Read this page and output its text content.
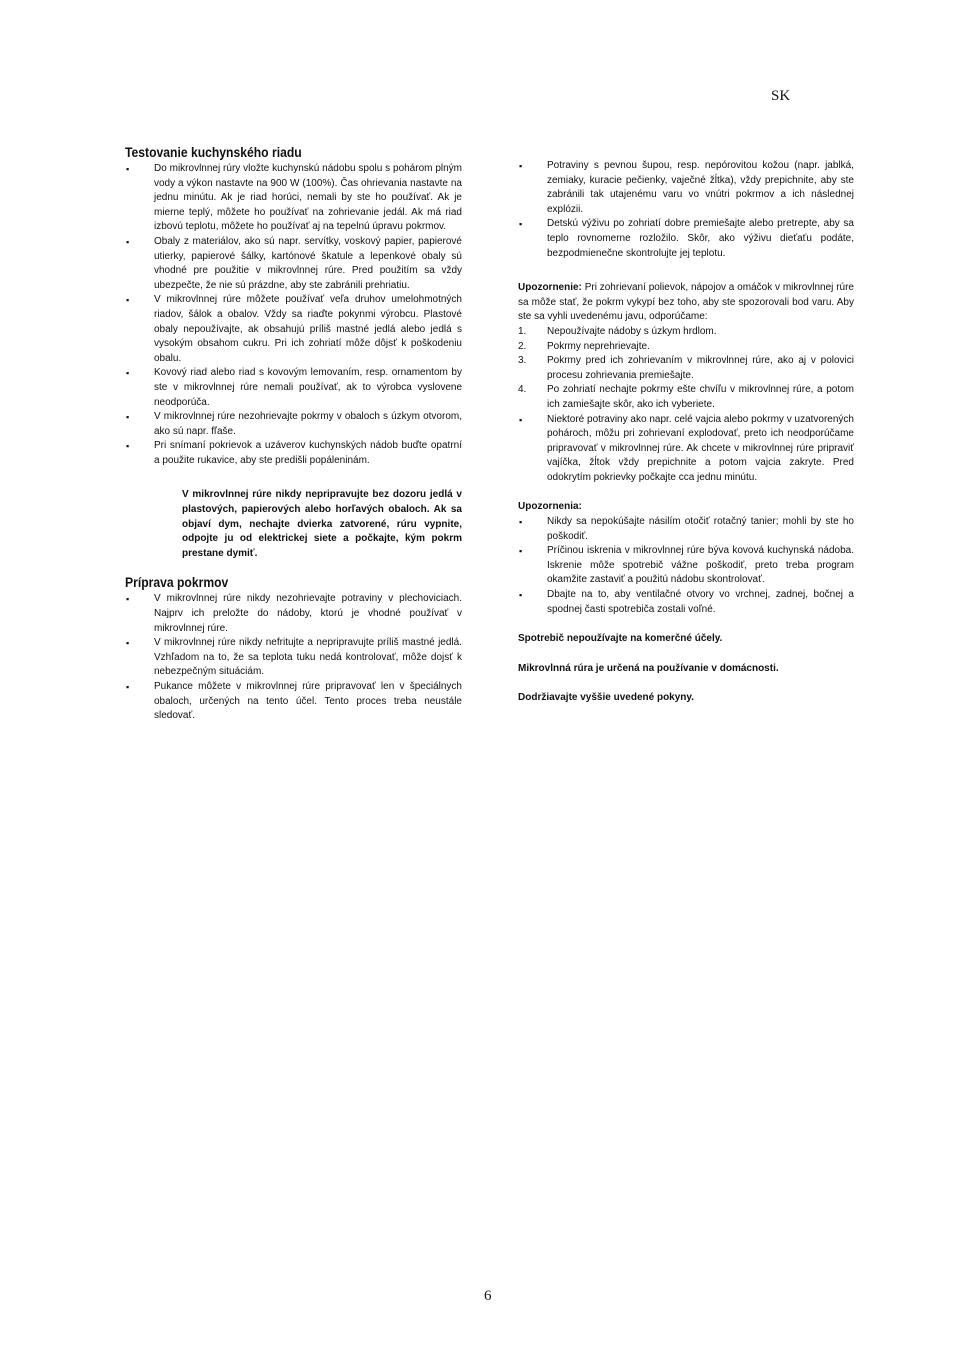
SK
Testovanie kuchynského riadu
▪ Do mikrovlnnej rúry vložte kuchynskú nádobu spolu s pohárom plným vody a výkon nastavte na 900 W (100%). Čas ohrievania nastavte na jednu minútu. Ak je riad horúci, nemali by ste ho používať. Ak je mierne teplý, môžete ho používať na zohrievanie jedál. Ak má riad izbovú teplotu, môžete ho používať aj na tepelnú úpravu pokrmov.
▪ Obaly z materiálov, ako sú napr. servítky, voskový papier, papierové utierky, papierové šálky, kartónové škatule a lepenkové obaly sú vhodné pre použitie v mikrovlnnej rúre. Pred použitím sa vždy ubezpečte, že nie sú prázdne, aby ste zabránili prehriatiu.
▪ V mikrovlnnej rúre môžete používať veľa druhov umelohmotných riadov, šálok a obalov. Vždy sa riaďte pokynmi výrobcu. Plastové obaly nepoužívajte, ak obsahujú príliš mastné jedlá alebo jedlá s vysokým obsahom cukru. Pri ich zohriatí môže dôjsť k poškodeniu obalu.
▪ Kovový riad alebo riad s kovovým lemovaním, resp. ornamentom by ste v mikrovlnnej rúre nemali používať, ak to výrobca vyslovene neodporúča.
▪ V mikrovlnnej rúre nezohrievajte pokrmy v obaloch s úzkym otvorom, ako sú napr. fľaše.
▪ Pri snímaní pokrievok a uzáverov kuchynských nádob buďte opatrní a použite rukavice, aby ste predišli popáleninám.

V mikrovlnnej rúre nikdy nepripravujte bez dozoru jedlá v plastových, papierových alebo horľavých obaloch. Ak sa objaví dym, nechajte dvierka zatvorené, rúru vypnite, odpojte ju od elektrickej siete a počkajte, kým pokrm prestane dymiť.

Príprava pokrmov
▪ V mikrovlnnej rúre nikdy nezohrievajte potraviny v plechoviciach. Najprv ich preložte do nádoby, ktorú je vhodné používať v mikrovlnnej rúre.
▪ V mikrovlnnej rúre nikdy nefritujte a nepripravujte príliš mastné jedlá. Vzhľadom na to, že sa teplota tuku nedá kontrolovať, môže dojsť k nebezpečným situáciám.
▪ Pukance môžete v mikrovlnnej rúre pripravovať len v špeciálnych obaloch, určených na tento účel. Tento proces treba neustále sledovať.
▪ Potraviny s pevnou šupou, resp. nepórovitou kožou (napr. jablká, zemiaky, kuracie pečienky, vaječné žĺtka), vždy prepichnite, aby ste zabránili tak utajenému varu vo vnútri pokrmov a ich následnej explózii.
▪ Detskú výživu po zohriatí dobre premiešajte alebo pretrepte, aby sa teplo rovnomerne rozložilo. Skôr, ako výživu dieťaťu podáte, bezpodmienečne skontrolujte jej teplotu.

Upozornenie: Pri zohrievaní polievok, nápojov a omáčok v mikrovlnnej rúre sa môže stať, že pokrm vykypí bez toho, aby ste spozorovali bod varu. Aby ste sa vyhli uvedenému javu, odporúčame:

1. Nepoužívajte nádoby s úzkym hrdlom.
2. Pokrmy neprehrievajte.
3. Pokrmy pred ich zohrievaním v mikrovlnnej rúre, ako aj v polovici procesu zohrievania premiešajte.
4. Po zohriatí nechajte pokrmy ešte chvíľu v mikrovlnnej rúre, a potom ich zamiešajte skôr, ako ich vyberiete.
▪ Niektoré potraviny ako napr. celé vajcia alebo pokrmy v uzatvorených pohároch, môžu pri zohrievaní explodovať, preto ich neodporúčame pripravovať v mikrovlnnej rúre. Ak chcete v mikrovlnnej rúre pripraviť vajíčka, žĺtok vždy prepichnite a potom vajcia zakryte. Pred odokrytím pokrievky počkajte cca jednu minútu.

Upozornenia:

▪ Nikdy sa nepokúšajte násilím otočiť rotačný tanier; mohli by ste ho poškodiť.
▪ Príčinou iskrenia v mikrovlnnej rúre býva kovová kuchynská nádoba. Iskrenie môže spotrebič vážne poškodiť, preto treba program okamžite zastaviť a použitú nádobu skontrolovať.
▪ Dbajte na to, aby ventilačné otvory vo vrchnej, zadnej, bočnej a spodnej časti spotrebiča zostali voľné.

Spotrebič nepoužívajte na komerčné účely.

Mikrovlnná rúra je určená na používanie v domácnosti.

Dodržiavajte vyššie uvedené pokyny.

6
